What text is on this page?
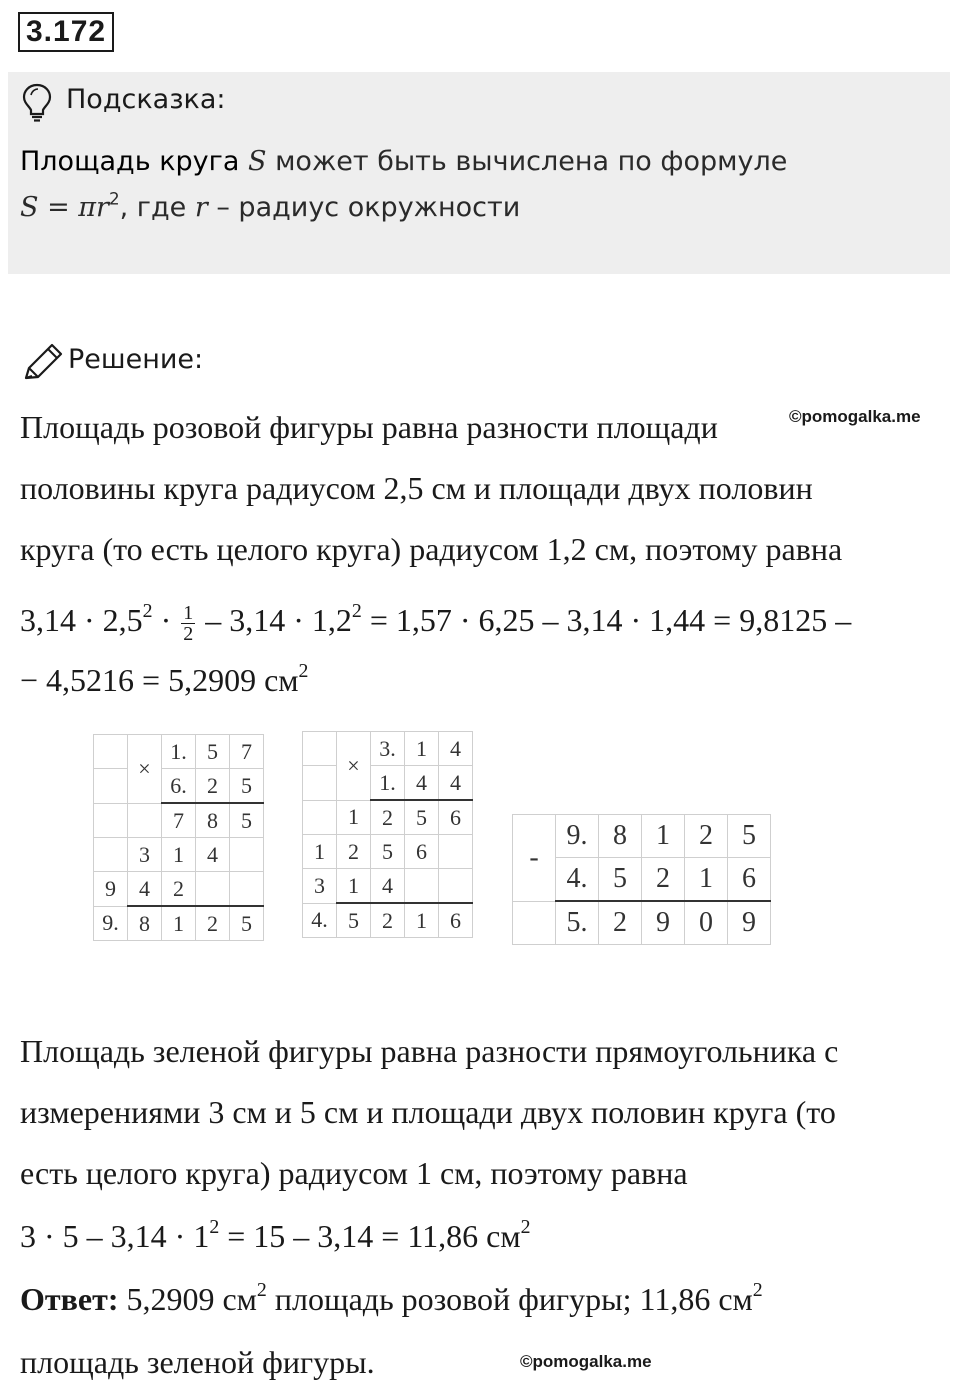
3.172
Подсказка:
Площадь круга S может быть вычислена по формуле
$S = \pi r^2$, где r – радиус окружности
Решение:
Площадь розовой фигуры равна разности площади	©pomogalka.me
половины круга радиусом 2,5 см и площади двух половин
круга (то есть целого круга) радиусом 1,2 см, поэтому равна
$3,14 \cdot 2,5^2 \cdot \frac{1}{2} - 3,14 \cdot 1,2^2 = 1,57 \cdot 6,25 - 3,14 \cdot 1,44 = 9,8125$ –
− 4,5216 = 5,2909 $см^2$
	×	1.	5	7
		6.	2	5
		7	8	5
	3	1	4	
9	4	2		
9.	8	1	2	5
	×	3.	1	4
		1.	4	4
	1	2	5	6
1	2	5	6	
3	1	4		
4.	5	2	1	6
-	9.	8	1	2	5
	4.	5	2	1	6
	5.	2	9	0	9
Площадь зеленой фигуры равна разности прямоугольника с
измерениями 3 см и 5 см и площади двух половин круга (то
есть целого круга) радиусом 1 см, поэтому равна
$3 \cdot 5 - 3,14 \cdot 1^2 = 15 - 3,14 = 11,86$ $см^2$
Ответ: 5,2909 $см^2$ площадь розовой фигуры; 11,86 $см^2$
площадь зеленой фигуры.	©pomogalka.me
